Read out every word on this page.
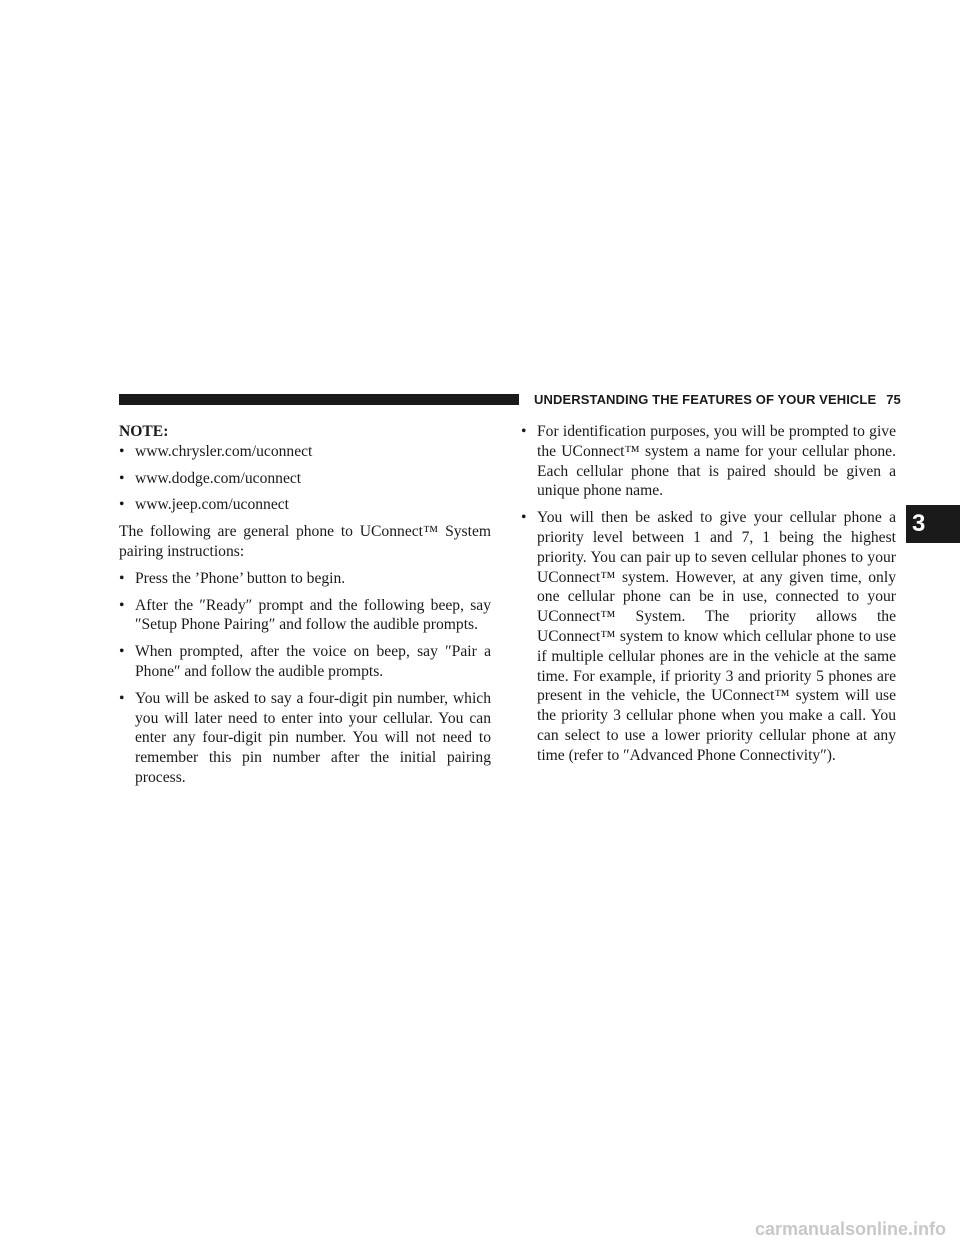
UNDERSTANDING THE FEATURES OF YOUR VEHICLE 75

NOTE:

• www.chrysler.com/uconnect
• www.dodge.com/uconnect
• www.jeep.com/uconnect

The following are general phone to UConnect™ System pairing instructions:

• Press the ’Phone’ button to begin.
• After the ″Ready″ prompt and the following beep, say ″Setup Phone Pairing″ and follow the audible prompts.
• When prompted, after the voice on beep, say ″Pair a Phone″ and follow the audible prompts.
• You will be asked to say a four-digit pin number, which you will later need to enter into your cellular. You can enter any four-digit pin number. You will not need to remember this pin number after the initial pairing process.
• For identification purposes, you will be prompted to give the UConnect™ system a name for your cellular phone. Each cellular phone that is paired should be given a unique phone name.
• You will then be asked to give your cellular phone a priority level between 1 and 7, 1 being the highest priority. You can pair up to seven cellular phones to your UConnect™ system. However, at any given time, only one cellular phone can be in use, connected to your UConnect™ System. The priority allows the UConnect™ system to know which cellular phone to use if multiple cellular phones are in the vehicle at the same time. For example, if priority 3 and priority 5 phones are present in the vehicle, the UConnect™ system will use the priority 3 cellular phone when you make a call. You can select to use a lower priority cellular phone at any time (refer to ″Advanced Phone Connectivity″).
3
carmanualsonline.info
